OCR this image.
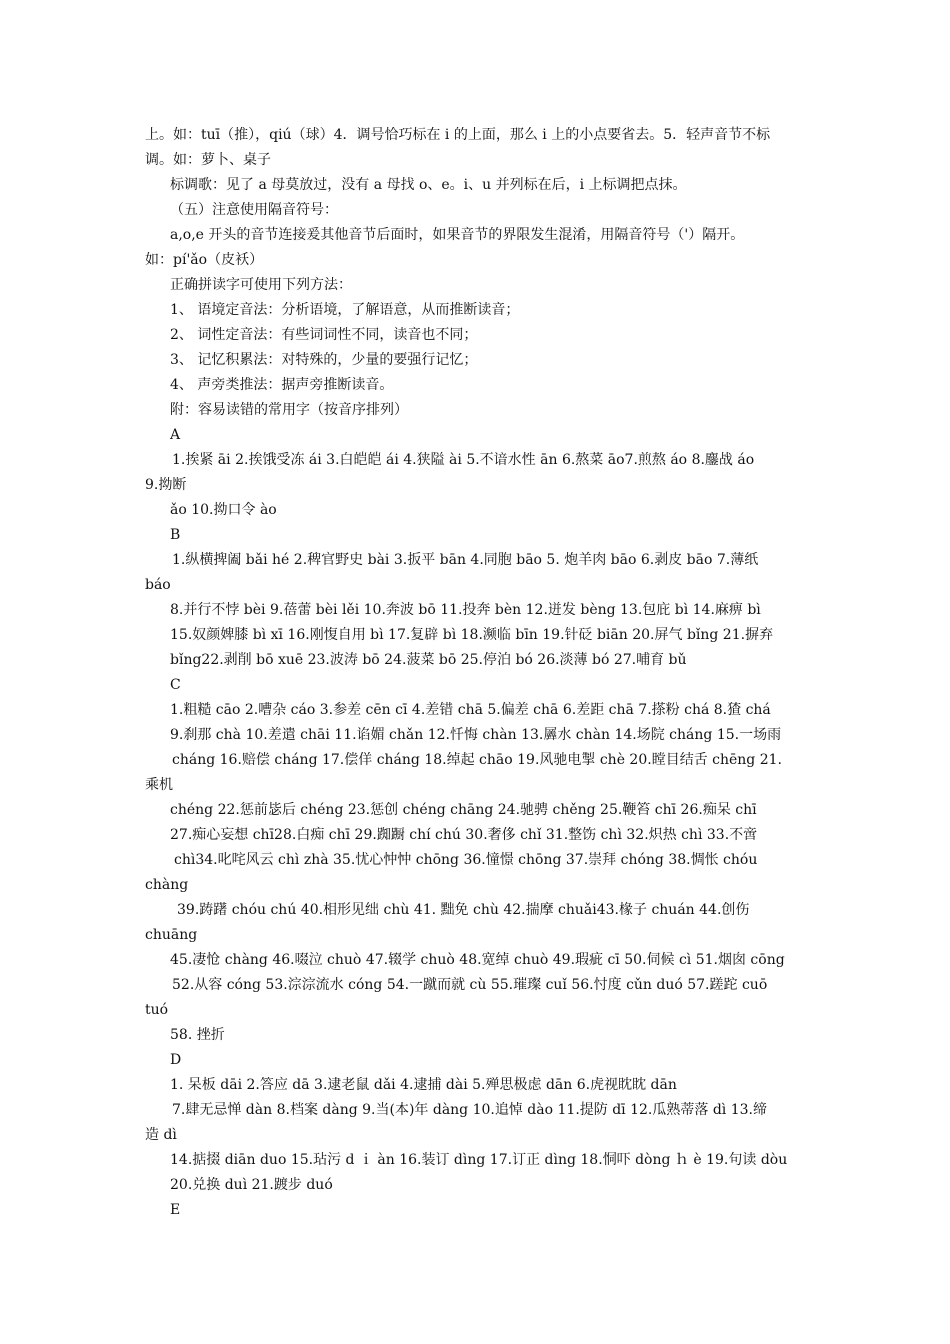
上。如：tuī（推），qiú（球）4．调号恰巧标在 i 的上面，那么 i 上的小点要省去。5．轻声音节不标
调。如：萝卜、桌子
标调歌：见了 a 母莫放过，没有 a 母找 o、e。i、u 并列标在后，i 上标调把点抹。
（五）注意使用隔音符号：
a,o,e 开头的音节连接爰其他音节后面时，如果音节的界限发生混淆，用隔音符号（'）隔开。
如：pí'ǎo（皮袄）
正确拼读字可使用下列方法：
1、 语境定音法：分析语境，了解语意，从而推断读音；
2、 词性定音法：有些词词性不同，读音也不同；
3、 记忆积累法：对特殊的，少量的要强行记忆；
4、 声旁类推法：据声旁推断读音。
附：容易读错的常用字（按音序排列）
A
1.挨紧 āi 2.挨饿受冻 ái 3.白皑皑 ái 4.狭隘 ài 5.不谙水性 ān 6.熬菜 āo7.煎熬 áo 8.鏖战 áo
9.拗断
ǎo 10.拗口令 ào
B
1.纵横捭阖 bǎi hé 2.稗官野史 bài 3.扳平 bān 4.同胞 bāo 5. 炮羊肉 bāo 6.剥皮 bāo 7.薄纸
báo
8.并行不悖 bèi 9.蓓蕾 bèi lěi 10.奔波 bō 11.投奔 bèn 12.迸发 bèng 13.包庇 bì 14.麻痹 bì
15.奴颜婢膝 bì xī 16.刚愎自用 bì 17.复辟 bì 18.濒临 bīn 19.针砭 biān 20.屏气 bǐng 21.摒弃
bǐng22.剥削 bō xuē 23.波涛 bō 24.菠菜 bō 25.停泊 bó 26.淡薄 bó 27.哺育 bǔ
C
1.粗糙 cāo 2.嘈杂 cáo 3.参差 cēn cī 4.差错 chā 5.偏差 chā 6.差距 chā 7.搽粉 chá 8.猹 chá
9.刹那 chà 10.差遣 chāi 11.谄媚 chǎn 12.忏悔 chàn 13.羼水 chàn 14.场院 cháng 15.一场雨
cháng 16.赔偿 cháng 17.偿佯 cháng 18.绰起 chāo 19.风驰电掣 chè 20.瞠目结舌 chēng 21.
乘机
chéng 22.惩前毖后 chéng 23.惩创 chéng chāng 24.驰骋 chěng 25.鞭笞 chī 26.痴呆 chī
27.痴心妄想 chī28.白痴 chī 29.踟蹰 chí chú 30.奢侈 chǐ 31.整饬 chì 32.炽热 chì 33.不啻
chì34.叱咤风云 chì zhà 35.忧心忡忡 chōng 36.憧憬 chōng 37.崇拜 chóng 38.惆怅 chóu
chàng
39.踌躇 chóu chú 40.相形见绌 chù 41. 黜免 chù 42.揣摩 chuǎi43.椽子 chuán 44.创伤
chuāng
45.凄怆 chàng 46.啜泣 chuò 47.辍学 chuò 48.宽绰 chuò 49.瑕疵 cī 50.伺候 cì 51.烟囱 cōng
52.从容 cóng 53.淙淙流水 cóng 54.一蹴而就 cù 55.璀璨 cuǐ 56.忖度 cǔn duó 57.蹉跎 cuō
tuó
58. 挫折
D
1. 呆板 dāi 2.答应 dā 3.逮老鼠 dǎi 4.逮捕 dài 5.殚思极虑 dān 6.虎视眈眈 dān
7.肆无忌惮 dàn 8.档案 dàng 9.当(本)年 dàng 10.追悼 dào 11.提防 dī 12.瓜熟蒂落 dì 13.缔
造 dì
14.掂掇 diān duo 15.玷污 d ｉ àn 16.装订 dìng 17.订正 dìng 18.恫吓 dòng ｈ è 19.句读 dòu
20.兑换 duì 21.踱步 duó
E
